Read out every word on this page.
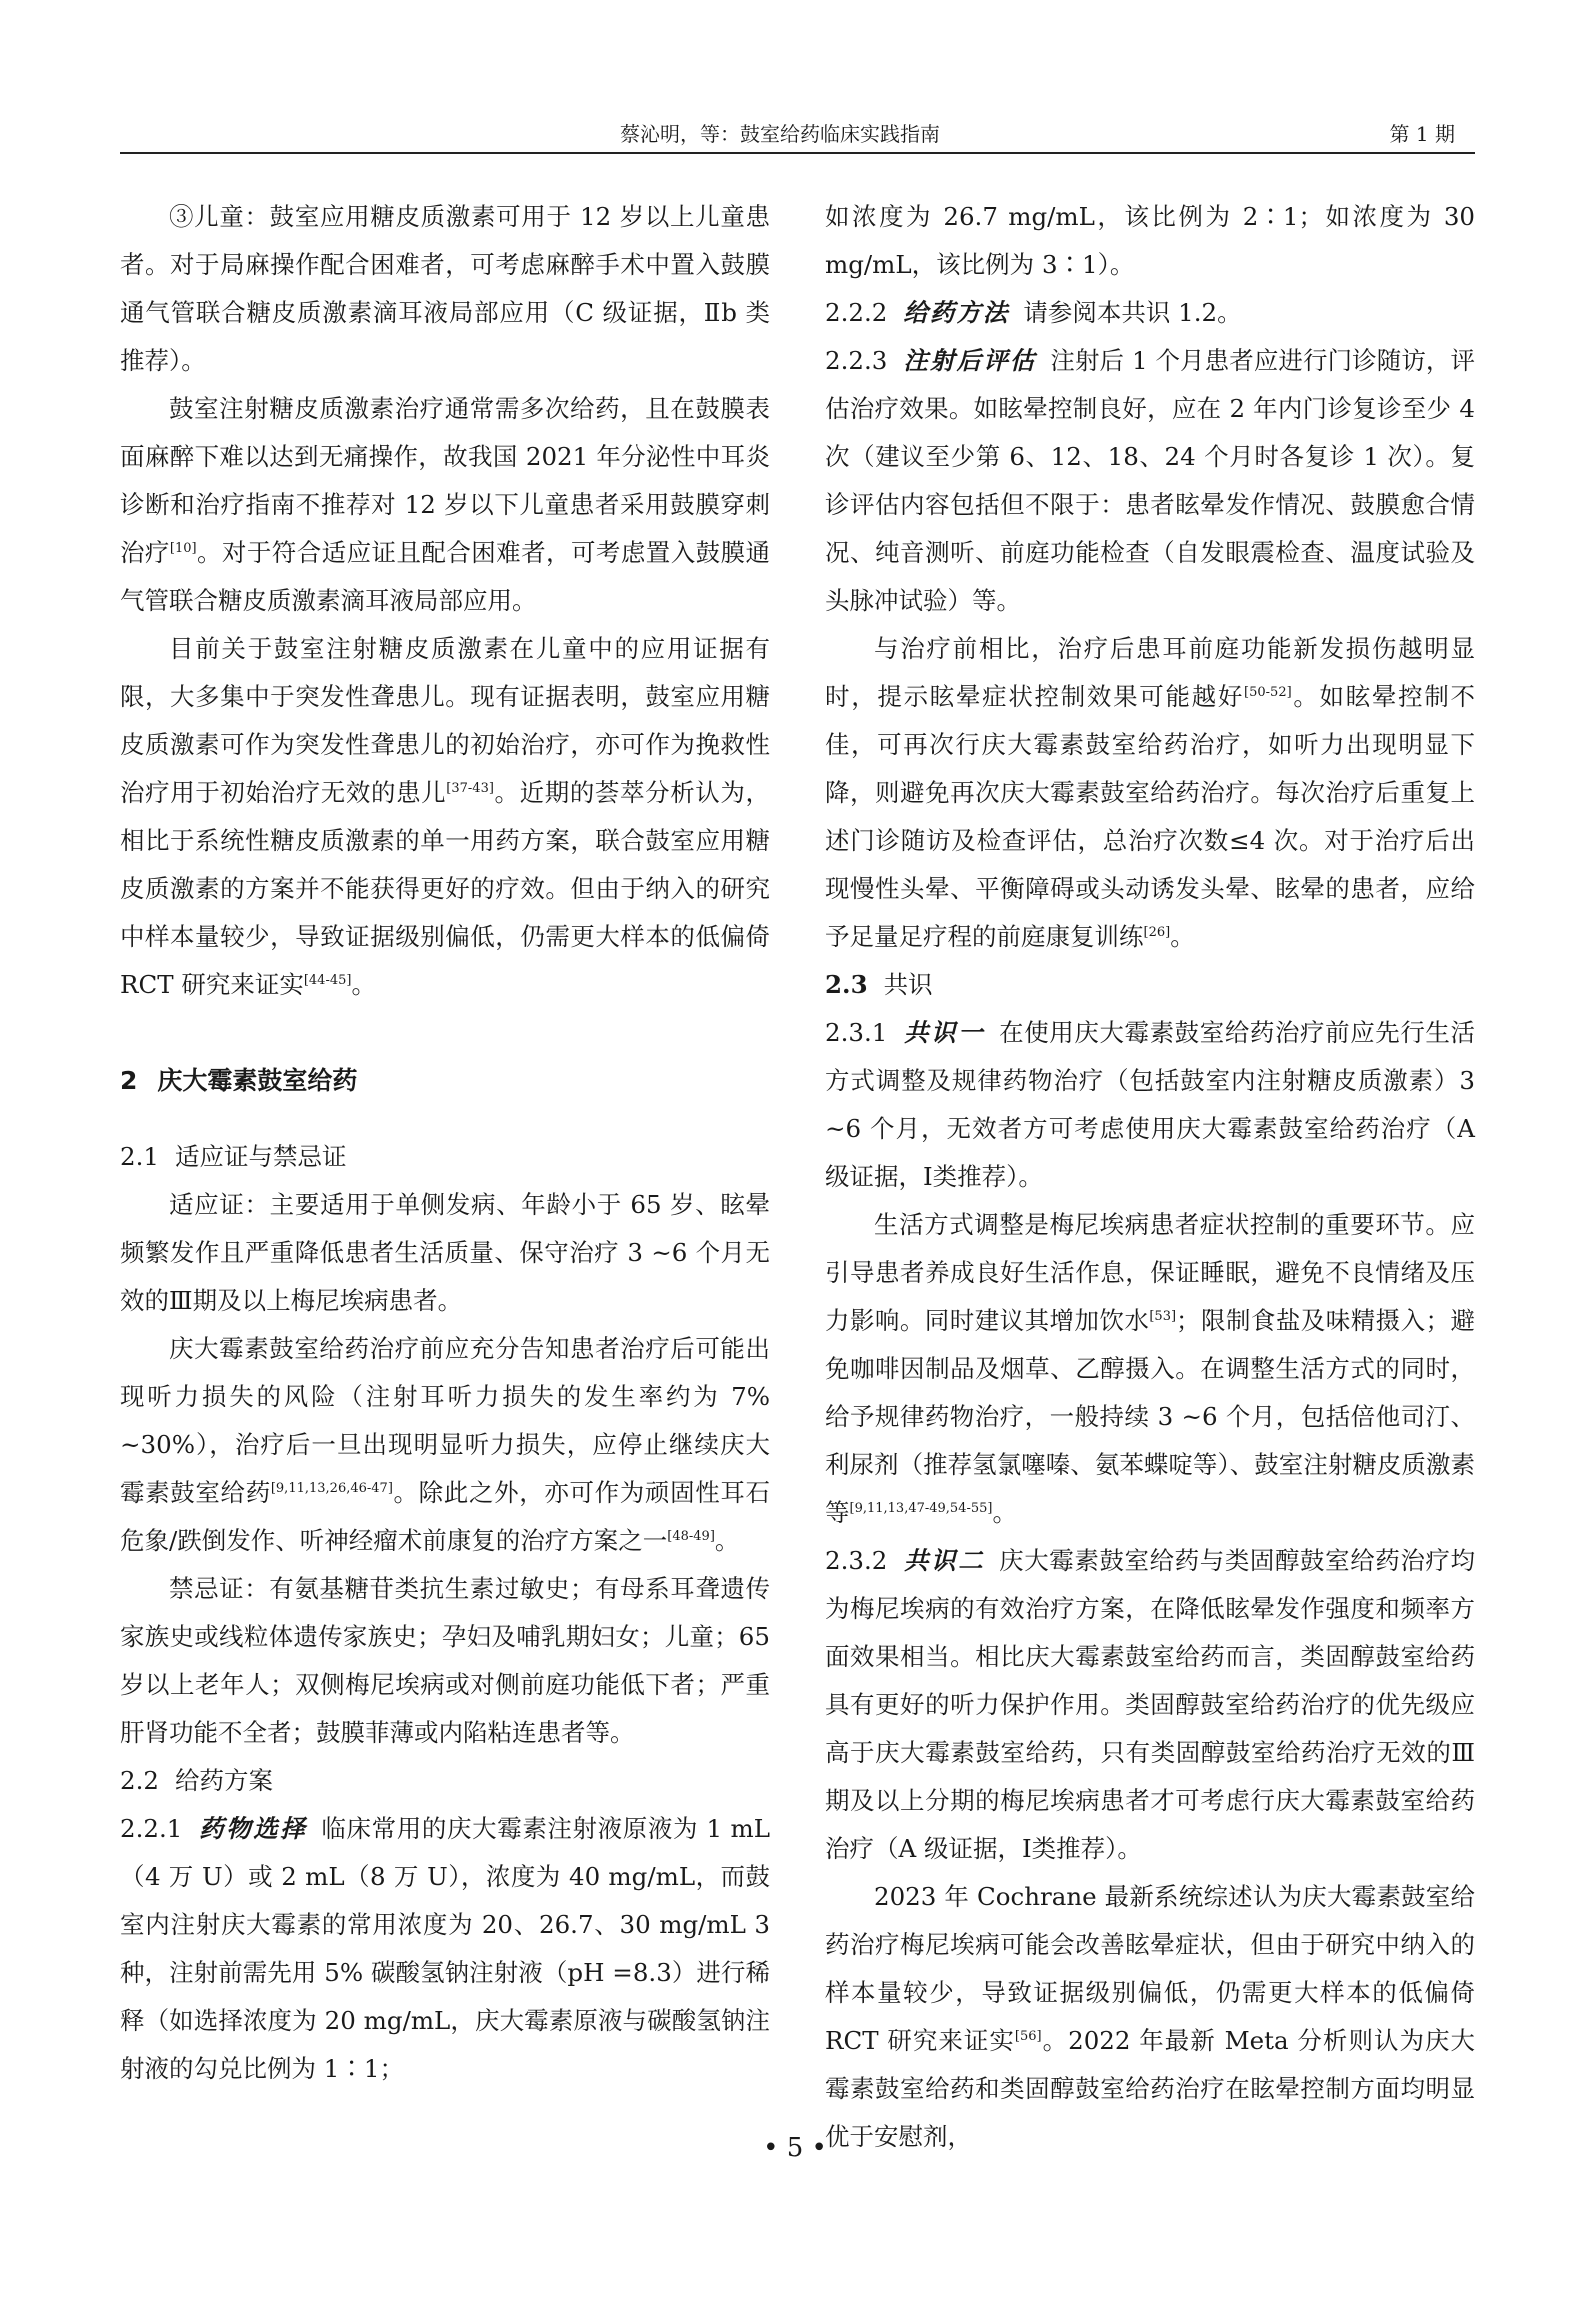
蔡沁明，等：鼓室给药临床实践指南	第 1 期

③儿童：鼓室应用糖皮质激素可用于 12 岁以上儿童患者。对于局麻操作配合困难者，可考虑麻醉手术中置入鼓膜通气管联合糖皮质激素滴耳液局部应用（C 级证据，Ⅱb 类推荐）。

鼓室注射糖皮质激素治疗通常需多次给药，且在鼓膜表面麻醉下难以达到无痛操作，故我国 2021 年分泌性中耳炎诊断和治疗指南不推荐对 12 岁以下儿童患者采用鼓膜穿刺治疗[10]。对于符合适应证且配合困难者，可考虑置入鼓膜通气管联合糖皮质激素滴耳液局部应用。

目前关于鼓室注射糖皮质激素在儿童中的应用证据有限，大多集中于突发性聋患儿。现有证据表明，鼓室应用糖皮质激素可作为突发性聋患儿的初始治疗，亦可作为挽救性治疗用于初始治疗无效的患儿[37-43]。近期的荟萃分析认为，相比于系统性糖皮质激素的单一用药方案，联合鼓室应用糖皮质激素的方案并不能获得更好的疗效。但由于纳入的研究中样本量较少，导致证据级别偏低，仍需更大样本的低偏倚 RCT 研究来证实[44-45]。

2 庆大霉素鼓室给药
2.1 适应证与禁忌证

适应证：主要适用于单侧发病、年龄小于 65 岁、眩晕频繁发作且严重降低患者生活质量、保守治疗 3 ~6 个月无效的Ⅲ期及以上梅尼埃病患者。

庆大霉素鼓室给药治疗前应充分告知患者治疗后可能出现听力损失的风险（注射耳听力损失的发生率约为 7% ~30%），治疗后一旦出现明显听力损失，应停止继续庆大霉素鼓室给药[9,11,13,26,46-47]。除此之外，亦可作为顽固性耳石危象/跌倒发作、听神经瘤术前康复的治疗方案之一[48-49]。

禁忌证：有氨基糖苷类抗生素过敏史；有母系耳聋遗传家族史或线粒体遗传家族史；孕妇及哺乳期妇女；儿童；65 岁以上老年人；双侧梅尼埃病或对侧前庭功能低下者；严重肝肾功能不全者；鼓膜菲薄或内陷粘连患者等。

2.2 给药方案

2.2.1 药物选择 临床常用的庆大霉素注射液原液为 1 mL（4 万 U）或 2 mL（8 万 U），浓度为 40 mg/mL，而鼓室内注射庆大霉素的常用浓度为 20、26.7、30 mg/mL 3 种，注射前需先用 5% 碳酸氢钠注射液（pH =8.3）进行稀释（如选择浓度为 20 mg/mL，庆大霉素原液与碳酸氢钠注射液的勾兑比例为 1∶1；

如浓度为 26.7 mg/mL，该比例为 2∶1；如浓度为 30 mg/mL，该比例为 3∶1）。

2.2.2 给药方法 请参阅本共识 1.2。

2.2.3 注射后评估 注射后 1 个月患者应进行门诊随访，评估治疗效果。如眩晕控制良好，应在 2 年内门诊复诊至少 4 次（建议至少第 6、12、18、24 个月时各复诊 1 次）。复诊评估内容包括但不限于：患者眩晕发作情况、鼓膜愈合情况、纯音测听、前庭功能检查（自发眼震检查、温度试验及头脉冲试验）等。

与治疗前相比，治疗后患耳前庭功能新发损伤越明显时，提示眩晕症状控制效果可能越好[50-52]。如眩晕控制不佳，可再次行庆大霉素鼓室给药治疗，如听力出现明显下降，则避免再次庆大霉素鼓室给药治疗。每次治疗后重复上述门诊随访及检查评估，总治疗次数≤4 次。对于治疗后出现慢性头晕、平衡障碍或头动诱发头晕、眩晕的患者，应给予足量足疗程的前庭康复训练[26]。

2.3 共识

2.3.1 共识一 在使用庆大霉素鼓室给药治疗前应先行生活方式调整及规律药物治疗（包括鼓室内注射糖皮质激素）3 ~6 个月，无效者方可考虑使用庆大霉素鼓室给药治疗（A 级证据，Ⅰ类推荐）。

生活方式调整是梅尼埃病患者症状控制的重要环节。应引导患者养成良好生活作息，保证睡眠，避免不良情绪及压力影响。同时建议其增加饮水[53]；限制食盐及味精摄入；避免咖啡因制品及烟草、乙醇摄入。在调整生活方式的同时，给予规律药物治疗，一般持续 3 ~6 个月，包括倍他司汀、利尿剂（推荐氢氯噻嗪、氨苯蝶啶等）、鼓室注射糖皮质激素等[9,11,13,47-49,54-55]。

2.3.2 共识二 庆大霉素鼓室给药与类固醇鼓室给药治疗均为梅尼埃病的有效治疗方案，在降低眩晕发作强度和频率方面效果相当。相比庆大霉素鼓室给药而言，类固醇鼓室给药具有更好的听力保护作用。类固醇鼓室给药治疗的优先级应高于庆大霉素鼓室给药，只有类固醇鼓室给药治疗无效的Ⅲ期及以上分期的梅尼埃病患者才可考虑行庆大霉素鼓室给药治疗（A 级证据，Ⅰ类推荐）。

2023 年 Cochrane 最新系统综述认为庆大霉素鼓室给药治疗梅尼埃病可能会改善眩晕症状，但由于研究中纳入的样本量较少，导致证据级别偏低，仍需更大样本的低偏倚 RCT 研究来证实[56]。2022 年最新 Meta 分析则认为庆大霉素鼓室给药和类固醇鼓室给药治疗在眩晕控制方面均明显优于安慰剂，

• 5 •
